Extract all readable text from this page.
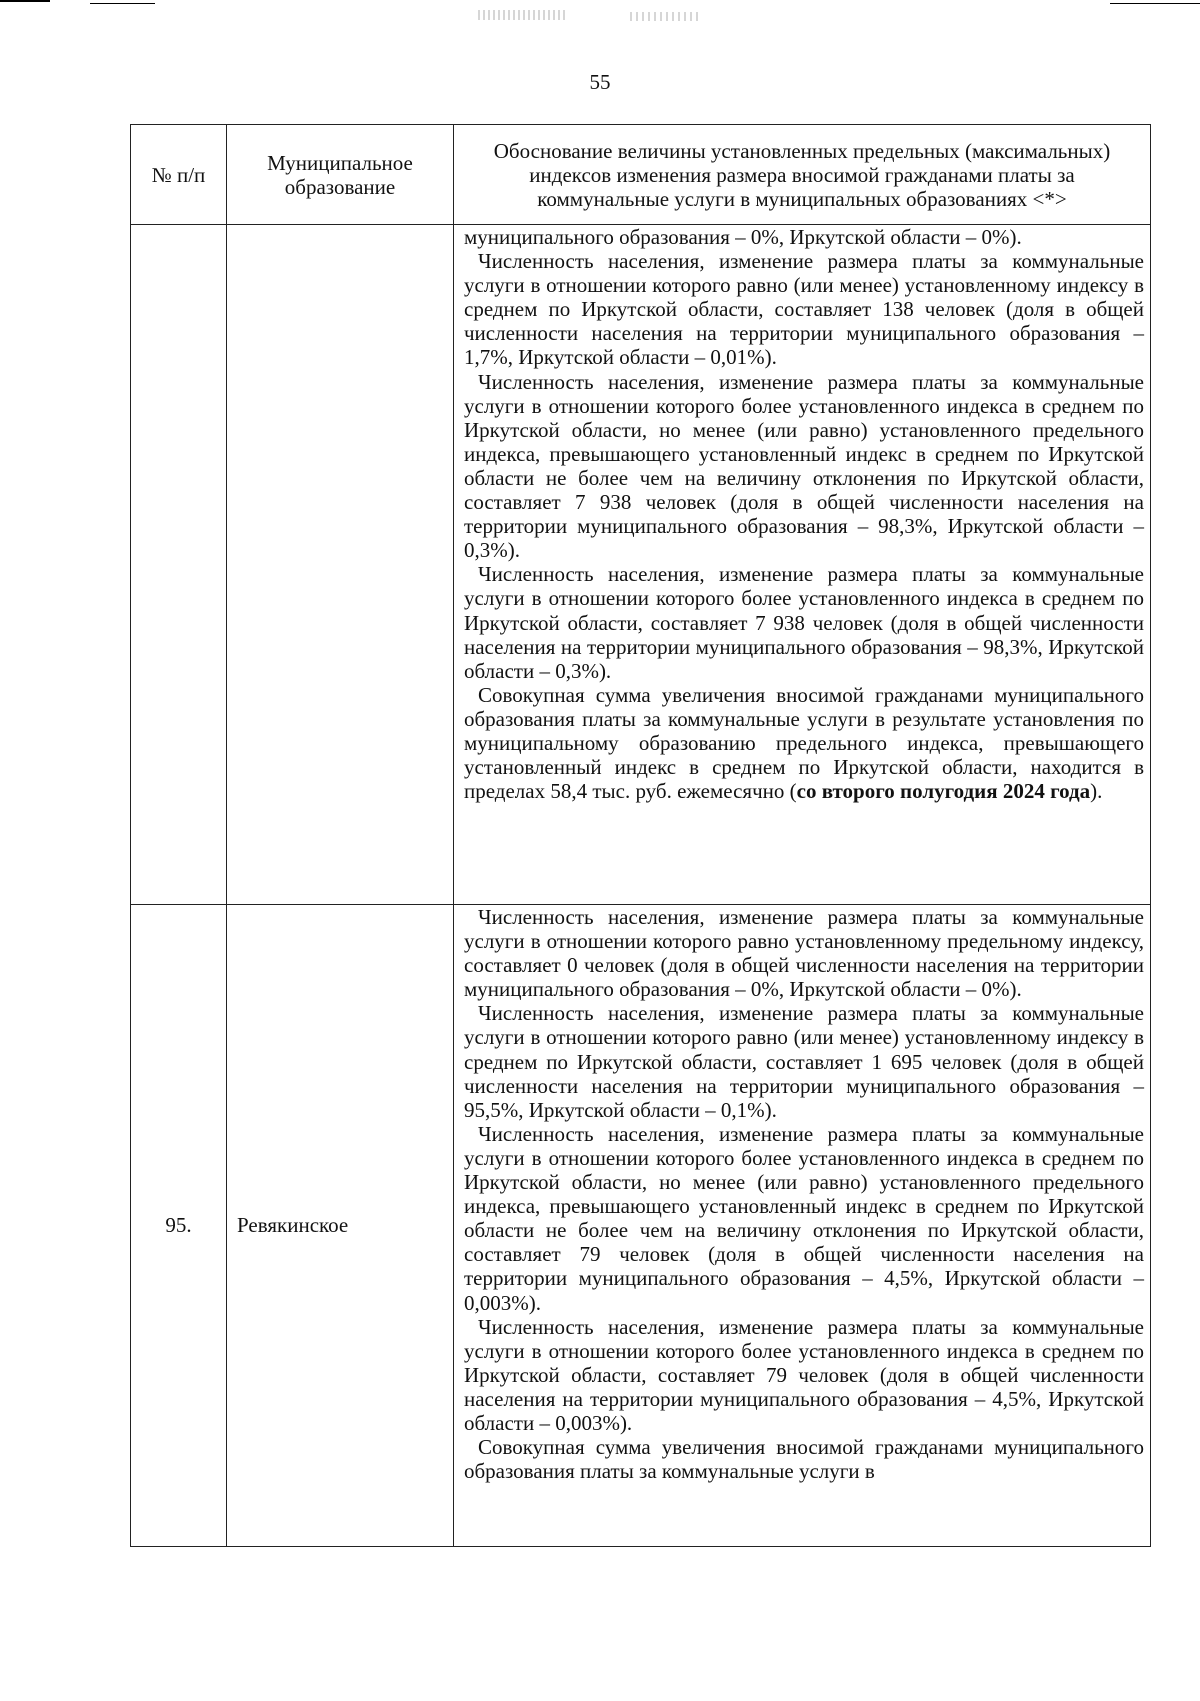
55
№ п/п	Муниципальное образование	Обоснование величины установленных предельных (максимальных) индексов изменения размера вносимой гражданами платы за коммунальные услуги в муниципальных образованиях <*>

		муниципального образования – 0%, Иркутской области – 0%).

Численность населения, изменение размера платы за коммунальные услуги в отношении которого равно (или менее) установленному индексу в среднем по Иркутской области, составляет 138 человек (доля в общей численности населения на территории муниципального образования – 1,7%, Иркутской области – 0,01%).

Численность населения, изменение размера платы за коммунальные услуги в отношении которого более установленного индекса в среднем по Иркутской области, но менее (или равно) установленного предельного индекса, превышающего установленный индекс в среднем по Иркутской области не более чем на величину отклонения по Иркутской области, составляет 7 938 человек (доля в общей численности населения на территории муниципального образования – 98,3%, Иркутской области – 0,3%).

Численность населения, изменение размера платы за коммунальные услуги в отношении которого более установленного индекса в среднем по Иркутской области, составляет 7 938 человек (доля в общей численности населения на территории муниципального образования – 98,3%, Иркутской области – 0,3%).

Совокупная сумма увеличения вносимой гражданами муниципального образования платы за коммунальные услуги в результате установления по муниципальному образованию предельного индекса, превышающего установленный индекс в среднем по Иркутской области, находится в пределах 58,4 тыс. руб. ежемесячно (со второго полугодия 2024 года).

95.	Ревякинское	Численность населения, изменение размера платы за коммунальные услуги в отношении которого равно установленному предельному индексу, составляет 0 человек (доля в общей численности населения на территории муниципального образования – 0%, Иркутской области – 0%).

Численность населения, изменение размера платы за коммунальные услуги в отношении которого равно (или менее) установленному индексу в среднем по Иркутской области, составляет 1 695 человек (доля в общей численности населения на территории муниципального образования – 95,5%, Иркутской области – 0,1%).

Численность населения, изменение размера платы за коммунальные услуги в отношении которого более установленного индекса в среднем по Иркутской области, но менее (или равно) установленного предельного индекса, превышающего установленный индекс в среднем по Иркутской области не более чем на величину отклонения по Иркутской области, составляет 79 человек (доля в общей численности населения на территории муниципального образования – 4,5%, Иркутской области – 0,003%).

Численность населения, изменение размера платы за коммунальные услуги в отношении которого более установленного индекса в среднем по Иркутской области, составляет 79 человек (доля в общей численности населения на территории муниципального образования – 4,5%, Иркутской области – 0,003%).

Совокупная сумма увеличения вносимой гражданами муниципального образования платы за коммунальные услуги в
